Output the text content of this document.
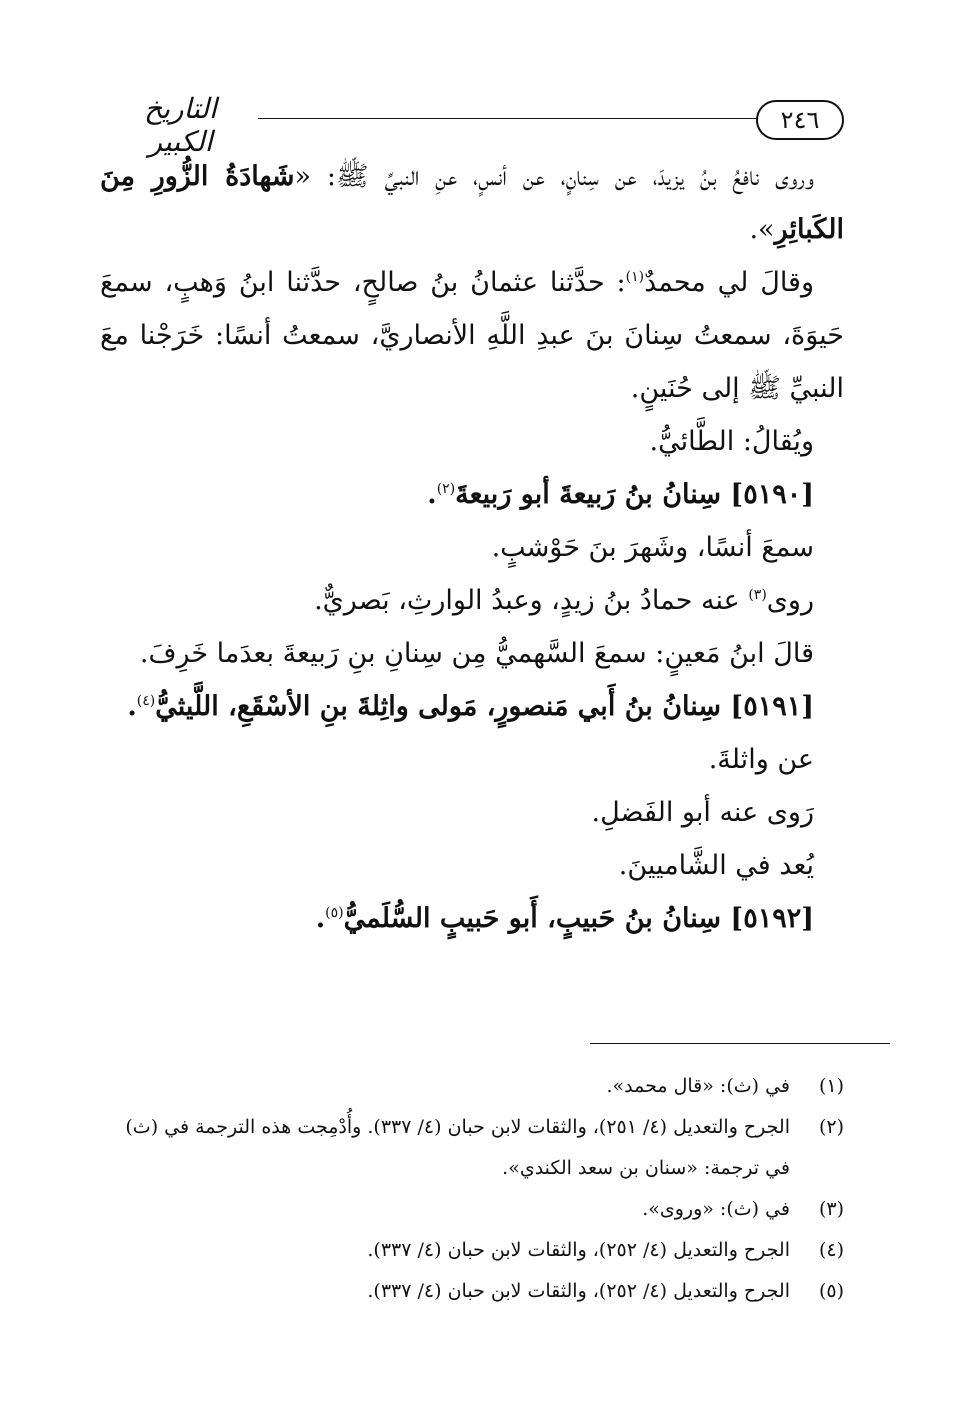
٢٤٦
التاريخ الكبير

وروى نافعُ بنُ يزيدَ، عن سِنانٍ، عن أنسٍ، عنِ النبيِّ ﷺ: «شَهادَةُ الزُّورِ مِنَ الكَبائِرِ».

وقالَ لي محمدٌ$^{(١)}$: حدَّثنا عثمانُ بنُ صالحٍ، حدَّثنا ابنُ وَهبٍ، سمعَ حَيوَةَ، سمعتُ سِنانَ بنَ عبدِ اللَّهِ الأنصاريَّ، سمعتُ أنسًا: خَرَجْنا معَ النبيِّ ﷺ إلى حُنَينٍ.

ويُقالُ: الطَّائيُّ.

[٥١٩٠] سِنانُ بنُ رَبيعةَ أبو رَبيعةَ$^{(٢)}$.

سمعَ أنسًا، وشَهرَ بنَ حَوْشبٍ.

روى$^{(٣)}$ عنه حمادُ بنُ زيدٍ، وعبدُ الوارثِ، بَصريٌّ.

قالَ ابنُ مَعينٍ: سمعَ السَّهميُّ مِن سِنانِ بنِ رَبيعةَ بعدَما خَرِفَ.

[٥١٩١] سِنانُ بنُ أَبي مَنصورٍ، مَولى واثِلةَ بنِ الأسْقَعِ، اللَّيثيُّ$^{(٤)}$.

عن واثلةَ.

رَوى عنه أبو الفَضلِ.

يُعد في الشَّاميينَ.

[٥١٩٢] سِنانُ بنُ حَبيبٍ، أَبو حَبيبٍ السُّلَميُّ$^{(٥)}$.

(١)
في (ث): «قال محمد».
(٢)
الجرح والتعديل (٤/ ٢٥١)، والثقات لابن حبان (٤/ ٣٣٧). وأُدْمِجت هذه الترجمة في (ث) في ترجمة: «سنان بن سعد الكندي».
(٣)
في (ث): «وروى».
(٤)
الجرح والتعديل (٤/ ٢٥٢)، والثقات لابن حبان (٤/ ٣٣٧).
(٥)
الجرح والتعديل (٤/ ٢٥٢)، والثقات لابن حبان (٤/ ٣٣٧).
